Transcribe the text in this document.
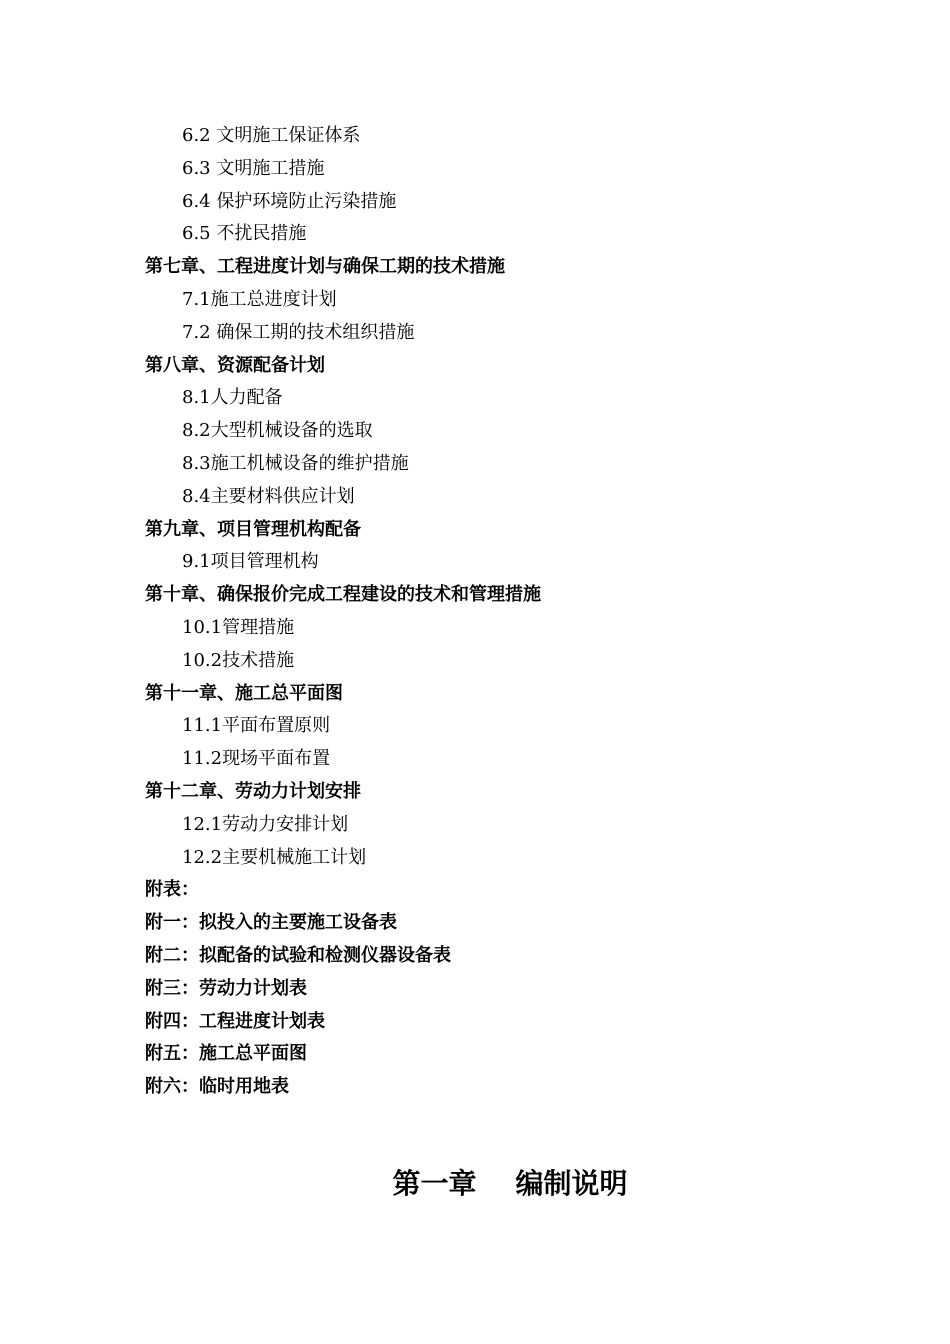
6.2 文明施工保证体系
6.3 文明施工措施
6.4 保护环境防止污染措施
6.5 不扰民措施
第七章、工程进度计划与确保工期的技术措施
7.1施工总进度计划
7.2 确保工期的技术组织措施
第八章、资源配备计划
8.1人力配备
8.2大型机械设备的选取
8.3施工机械设备的维护措施
8.4主要材料供应计划
第九章、项目管理机构配备
9.1项目管理机构
第十章、确保报价完成工程建设的技术和管理措施
10.1管理措施
10.2技术措施
第十一章、施工总平面图
11.1平面布置原则
11.2现场平面布置
第十二章、劳动力计划安排
12.1劳动力安排计划
12.2主要机械施工计划
附表：
附一：拟投入的主要施工设备表
附二：拟配备的试验和检测仪器设备表
附三：劳动力计划表
附四：工程进度计划表
附五：施工总平面图
附六：临时用地表
第一章    编制说明
